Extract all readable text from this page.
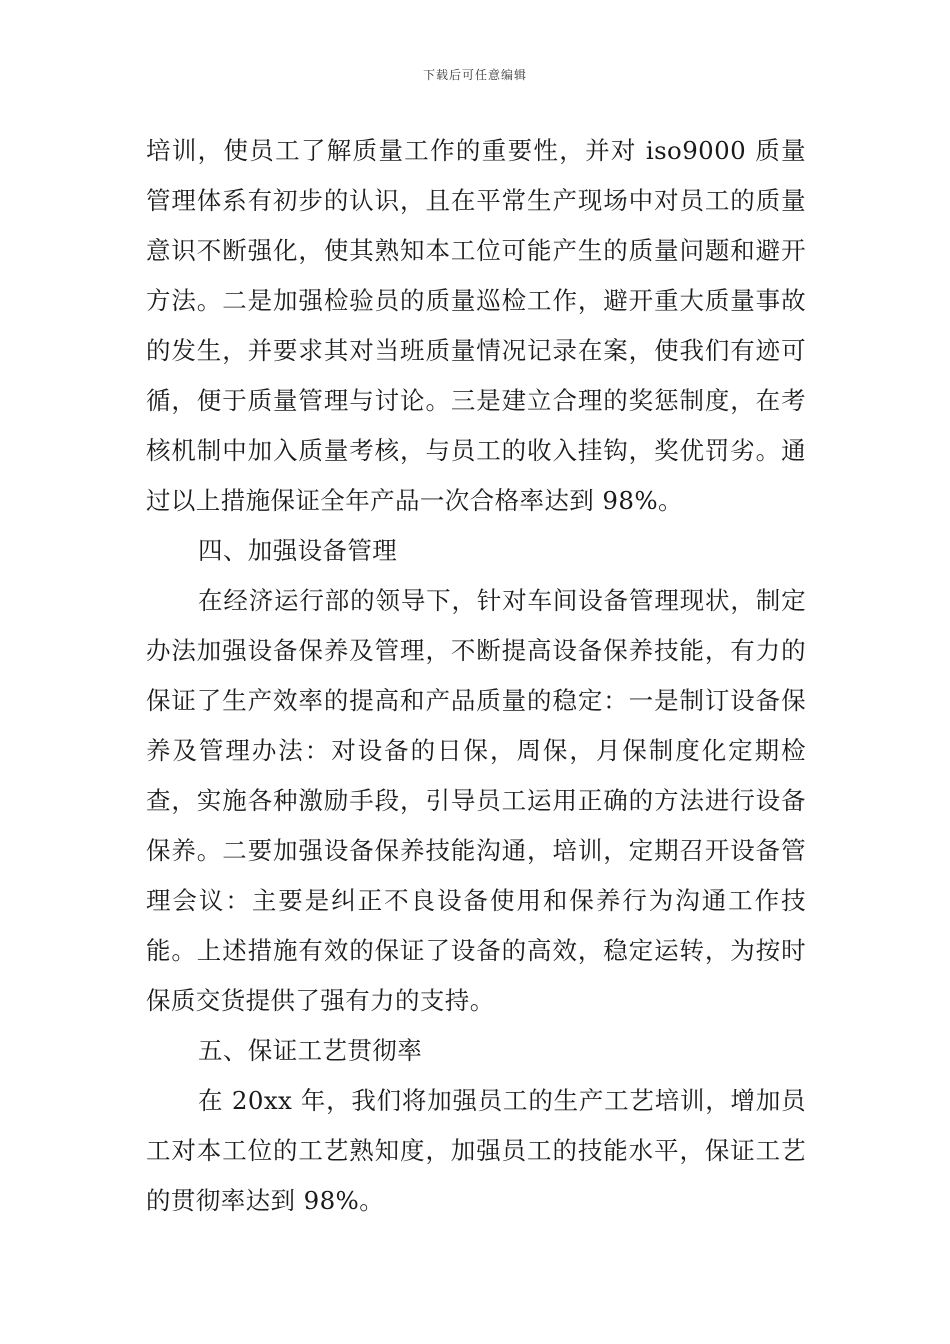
下载后可任意编辑

培训，使员工了解质量工作的重要性，并对 iso9000 质量管理体系有初步的认识，且在平常生产现场中对员工的质量意识不断强化，使其熟知本工位可能产生的质量问题和避开方法。二是加强检验员的质量巡检工作，避开重大质量事故的发生，并要求其对当班质量情况记录在案，使我们有迹可循，便于质量管理与讨论。三是建立合理的奖惩制度，在考核机制中加入质量考核，与员工的收入挂钩，奖优罚劣。通过以上措施保证全年产品一次合格率达到 98%。

四、加强设备管理

在经济运行部的领导下，针对车间设备管理现状，制定办法加强设备保养及管理，不断提高设备保养技能，有力的保证了生产效率的提高和产品质量的稳定：一是制订设备保养及管理办法：对设备的日保，周保，月保制度化定期检查，实施各种激励手段，引导员工运用正确的方法进行设备保养。二要加强设备保养技能沟通，培训，定期召开设备管理会议：主要是纠正不良设备使用和保养行为沟通工作技能。上述措施有效的保证了设备的高效，稳定运转，为按时保质交货提供了强有力的支持。

五、保证工艺贯彻率

在 20xx 年，我们将加强员工的生产工艺培训，增加员工对本工位的工艺熟知度，加强员工的技能水平，保证工艺的贯彻率达到 98%。
